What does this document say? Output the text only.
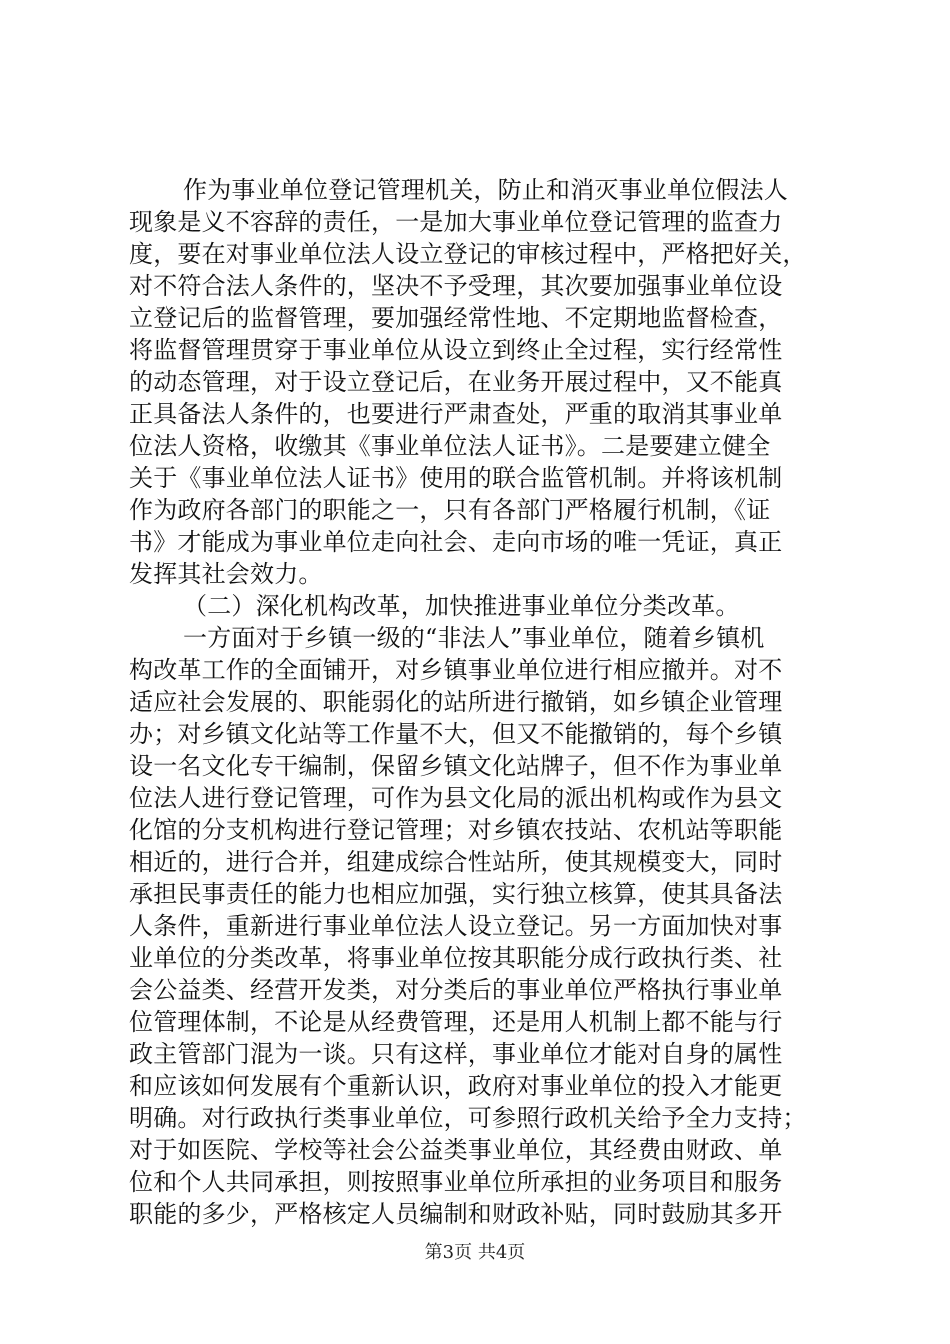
作为事业单位登记管理机关，防止和消灭事业单位假法人
现象是义不容辞的责任，一是加大事业单位登记管理的监查力
度，要在对事业单位法人设立登记的审核过程中，严格把好关，
对不符合法人条件的，坚决不予受理，其次要加强事业单位设
立登记后的监督管理，要加强经常性地、不定期地监督检查，
将监督管理贯穿于事业单位从设立到终止全过程，实行经常性
的动态管理，对于设立登记后，在业务开展过程中，又不能真
正具备法人条件的，也要进行严肃查处，严重的取消其事业单
位法人资格，收缴其《事业单位法人证书》。二是要建立健全
关于《事业单位法人证书》使用的联合监管机制。并将该机制
作为政府各部门的职能之一，只有各部门严格履行机制，《证
书》才能成为事业单位走向社会、走向市场的唯一凭证，真正
发挥其社会效力。
（二）深化机构改革，加快推进事业单位分类改革。
一方面对于乡镇一级的“非法人”事业单位，随着乡镇机
构改革工作的全面铺开，对乡镇事业单位进行相应撤并。对不
适应社会发展的、职能弱化的站所进行撤销，如乡镇企业管理
办；对乡镇文化站等工作量不大，但又不能撤销的，每个乡镇
设一名文化专干编制，保留乡镇文化站牌子，但不作为事业单
位法人进行登记管理，可作为县文化局的派出机构或作为县文
化馆的分支机构进行登记管理；对乡镇农技站、农机站等职能
相近的，进行合并，组建成综合性站所，使其规模变大，同时
承担民事责任的能力也相应加强，实行独立核算，使其具备法
人条件，重新进行事业单位法人设立登记。另一方面加快对事
业单位的分类改革，将事业单位按其职能分成行政执行类、社
会公益类、经营开发类，对分类后的事业单位严格执行事业单
位管理体制，不论是从经费管理，还是用人机制上都不能与行
政主管部门混为一谈。只有这样，事业单位才能对自身的属性
和应该如何发展有个重新认识，政府对事业单位的投入才能更
明确。对行政执行类事业单位，可参照行政机关给予全力支持；
对于如医院、学校等社会公益类事业单位，其经费由财政、单
位和个人共同承担，则按照事业单位所承担的业务项目和服务
职能的多少，严格核定人员编制和财政补贴，同时鼓励其多开
第3页 共4页
